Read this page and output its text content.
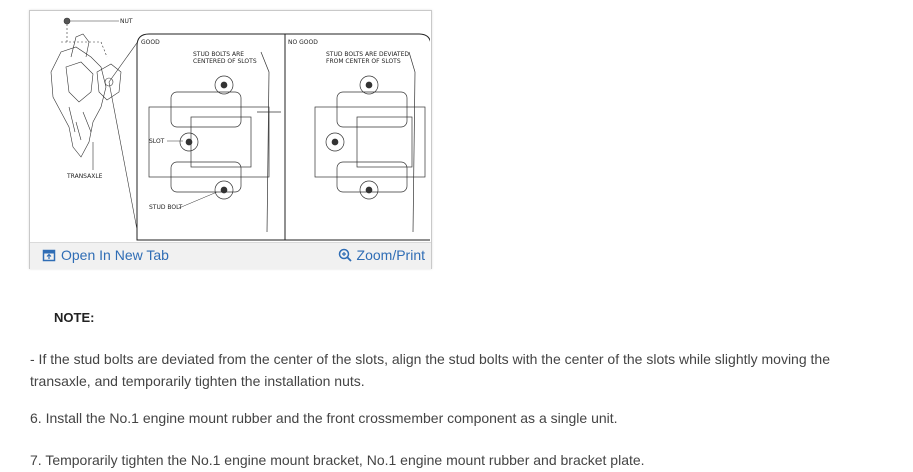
NUT
TRANSAXLE
GOOD
STUD BOLTS ARE
CENTERED OF SLOTS
SLOT
STUD BOLT
NO GOOD
STUD BOLTS ARE DEVIATED
FROM CENTER OF SLOTS
Open In New Tab	Zoom/Print
NOTE:
- If the stud bolts are deviated from the center of the slots, align the stud bolts with the center of the slots while slightly moving the transaxle, and temporarily tighten the installation nuts.
6. Install the No.1 engine mount rubber and the front crossmember component as a single unit.
7. Temporarily tighten the No.1 engine mount bracket, No.1 engine mount rubber and bracket plate.
